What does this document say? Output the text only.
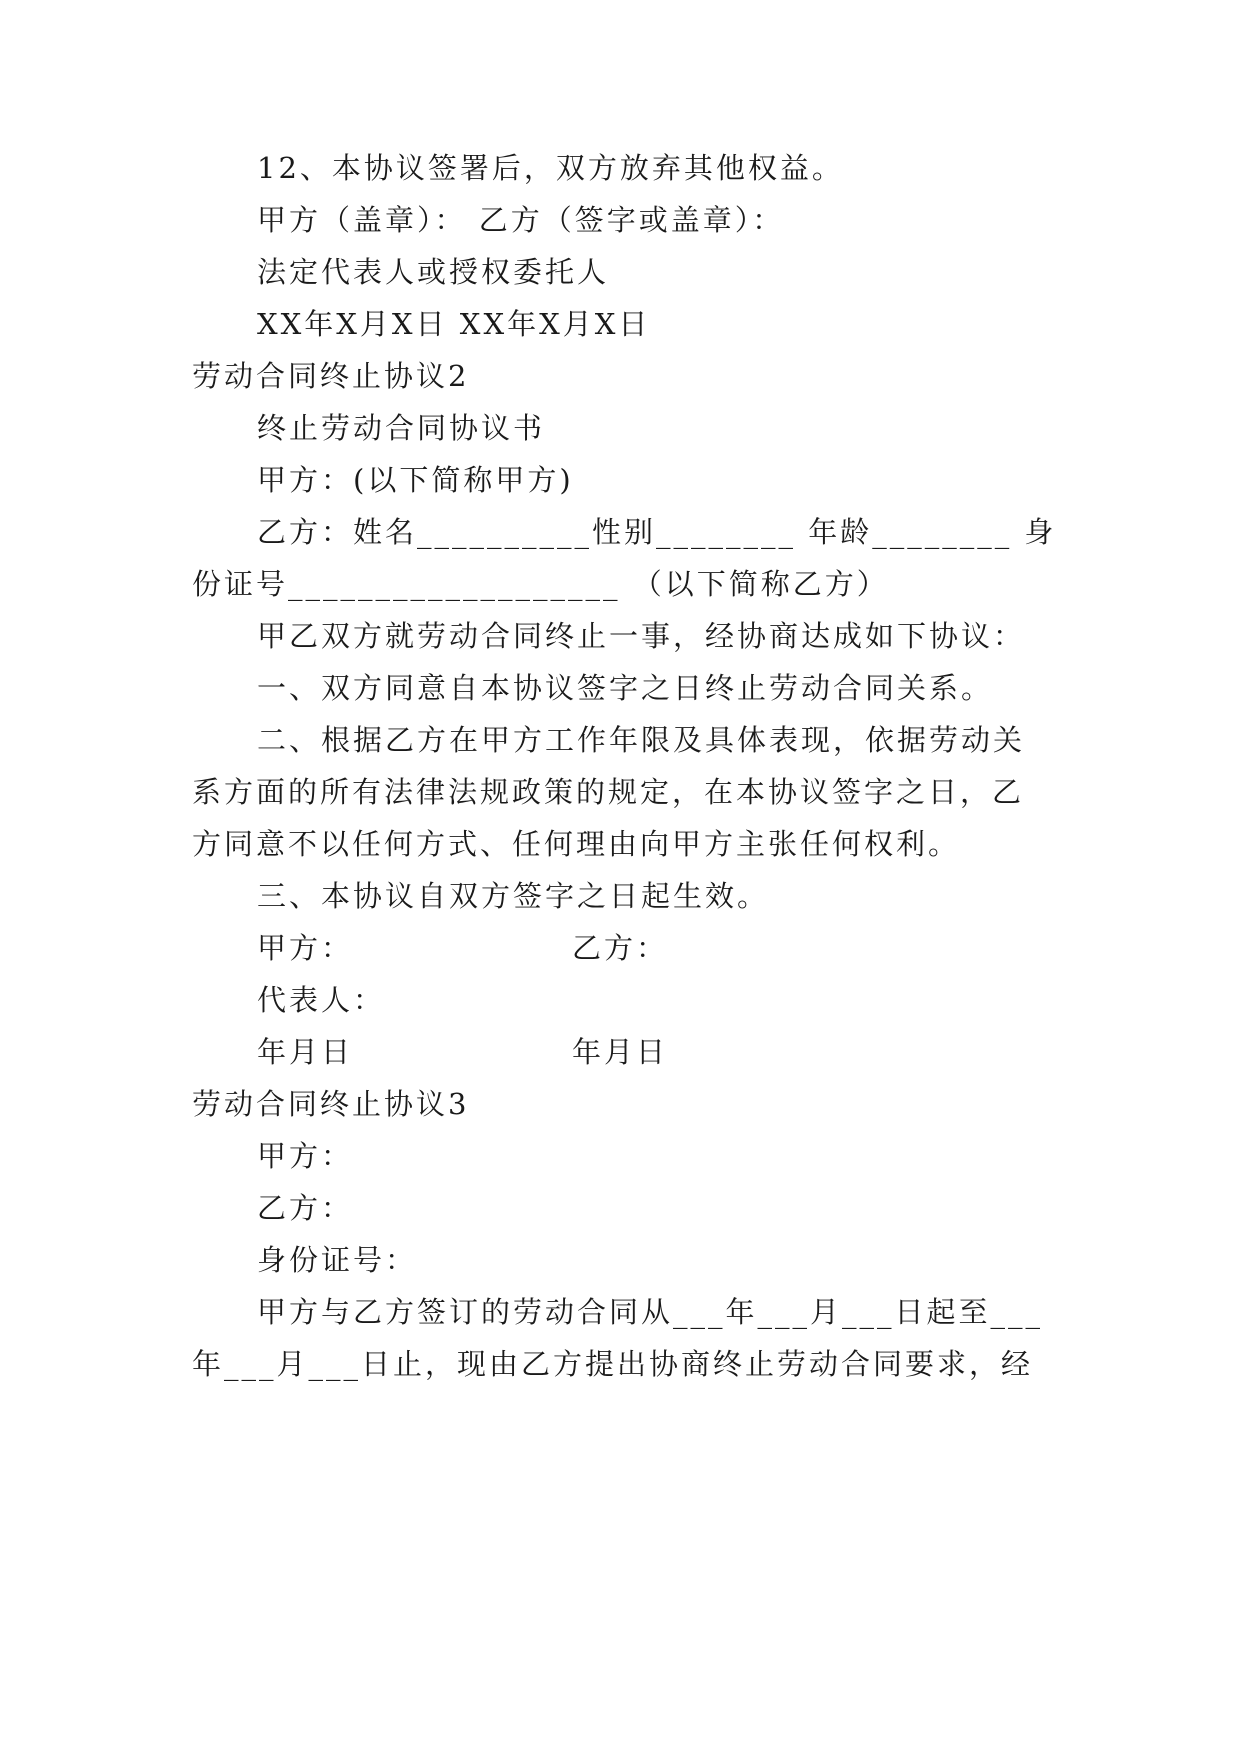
12、本协议签署后，双方放弃其他权益。
甲方（盖章）： 乙方（签字或盖章）：
法定代表人或授权委托人
XX年X月X日 XX年X月X日
劳动合同终止协议2
终止劳动合同协议书
甲方：(以下简称甲方)
乙方：姓名__________性别________ 年龄________ 身
份证号___________________ （以下简称乙方）
甲乙双方就劳动合同终止一事，经协商达成如下协议：
一、双方同意自本协议签字之日终止劳动合同关系。
二、根据乙方在甲方工作年限及具体表现，依据劳动关
系方面的所有法律法规政策的规定，在本协议签字之日，乙
方同意不以任何方式、任何理由向甲方主张任何权利。
三、本协议自双方签字之日起生效。
甲方：	乙方：
代表人：
年月日	年月日
劳动合同终止协议3
甲方：
乙方：
身份证号：
甲方与乙方签订的劳动合同从___年___月___日起至___
年___月___日止，现由乙方提出协商终止劳动合同要求，经
